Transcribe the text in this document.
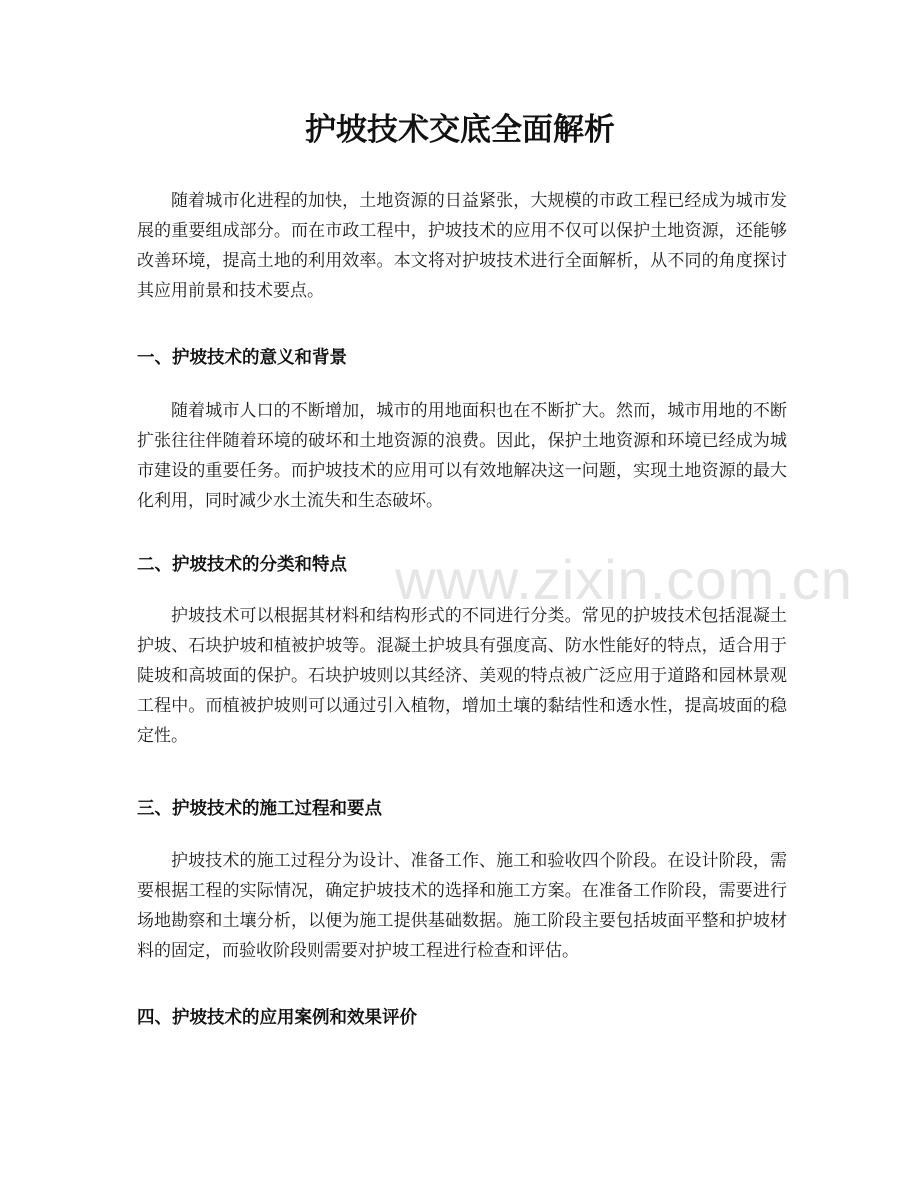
护坡技术交底全面解析

随着城市化进程的加快，土地资源的日益紧张，大规模的市政工程已经成为城市发展的重要组成部分。而在市政工程中，护坡技术的应用不仅可以保护土地资源，还能够改善环境，提高土地的利用效率。本文将对护坡技术进行全面解析，从不同的角度探讨其应用前景和技术要点。

一、护坡技术的意义和背景

随着城市人口的不断增加，城市的用地面积也在不断扩大。然而，城市用地的不断扩张往往伴随着环境的破坏和土地资源的浪费。因此，保护土地资源和环境已经成为城市建设的重要任务。而护坡技术的应用可以有效地解决这一问题，实现土地资源的最大化利用，同时减少水土流失和生态破坏。

二、护坡技术的分类和特点

护坡技术可以根据其材料和结构形式的不同进行分类。常见的护坡技术包括混凝土护坡、石块护坡和植被护坡等。混凝土护坡具有强度高、防水性能好的特点，适合用于陡坡和高坡面的保护。石块护坡则以其经济、美观的特点被广泛应用于道路和园林景观工程中。而植被护坡则可以通过引入植物，增加土壤的黏结性和透水性，提高坡面的稳定性。

三、护坡技术的施工过程和要点

护坡技术的施工过程分为设计、准备工作、施工和验收四个阶段。在设计阶段，需要根据工程的实际情况，确定护坡技术的选择和施工方案。在准备工作阶段，需要进行场地勘察和土壤分析，以便为施工提供基础数据。施工阶段主要包括坡面平整和护坡材料的固定，而验收阶段则需要对护坡工程进行检查和评估。

四、护坡技术的应用案例和效果评价
www.zixin.com.cn
